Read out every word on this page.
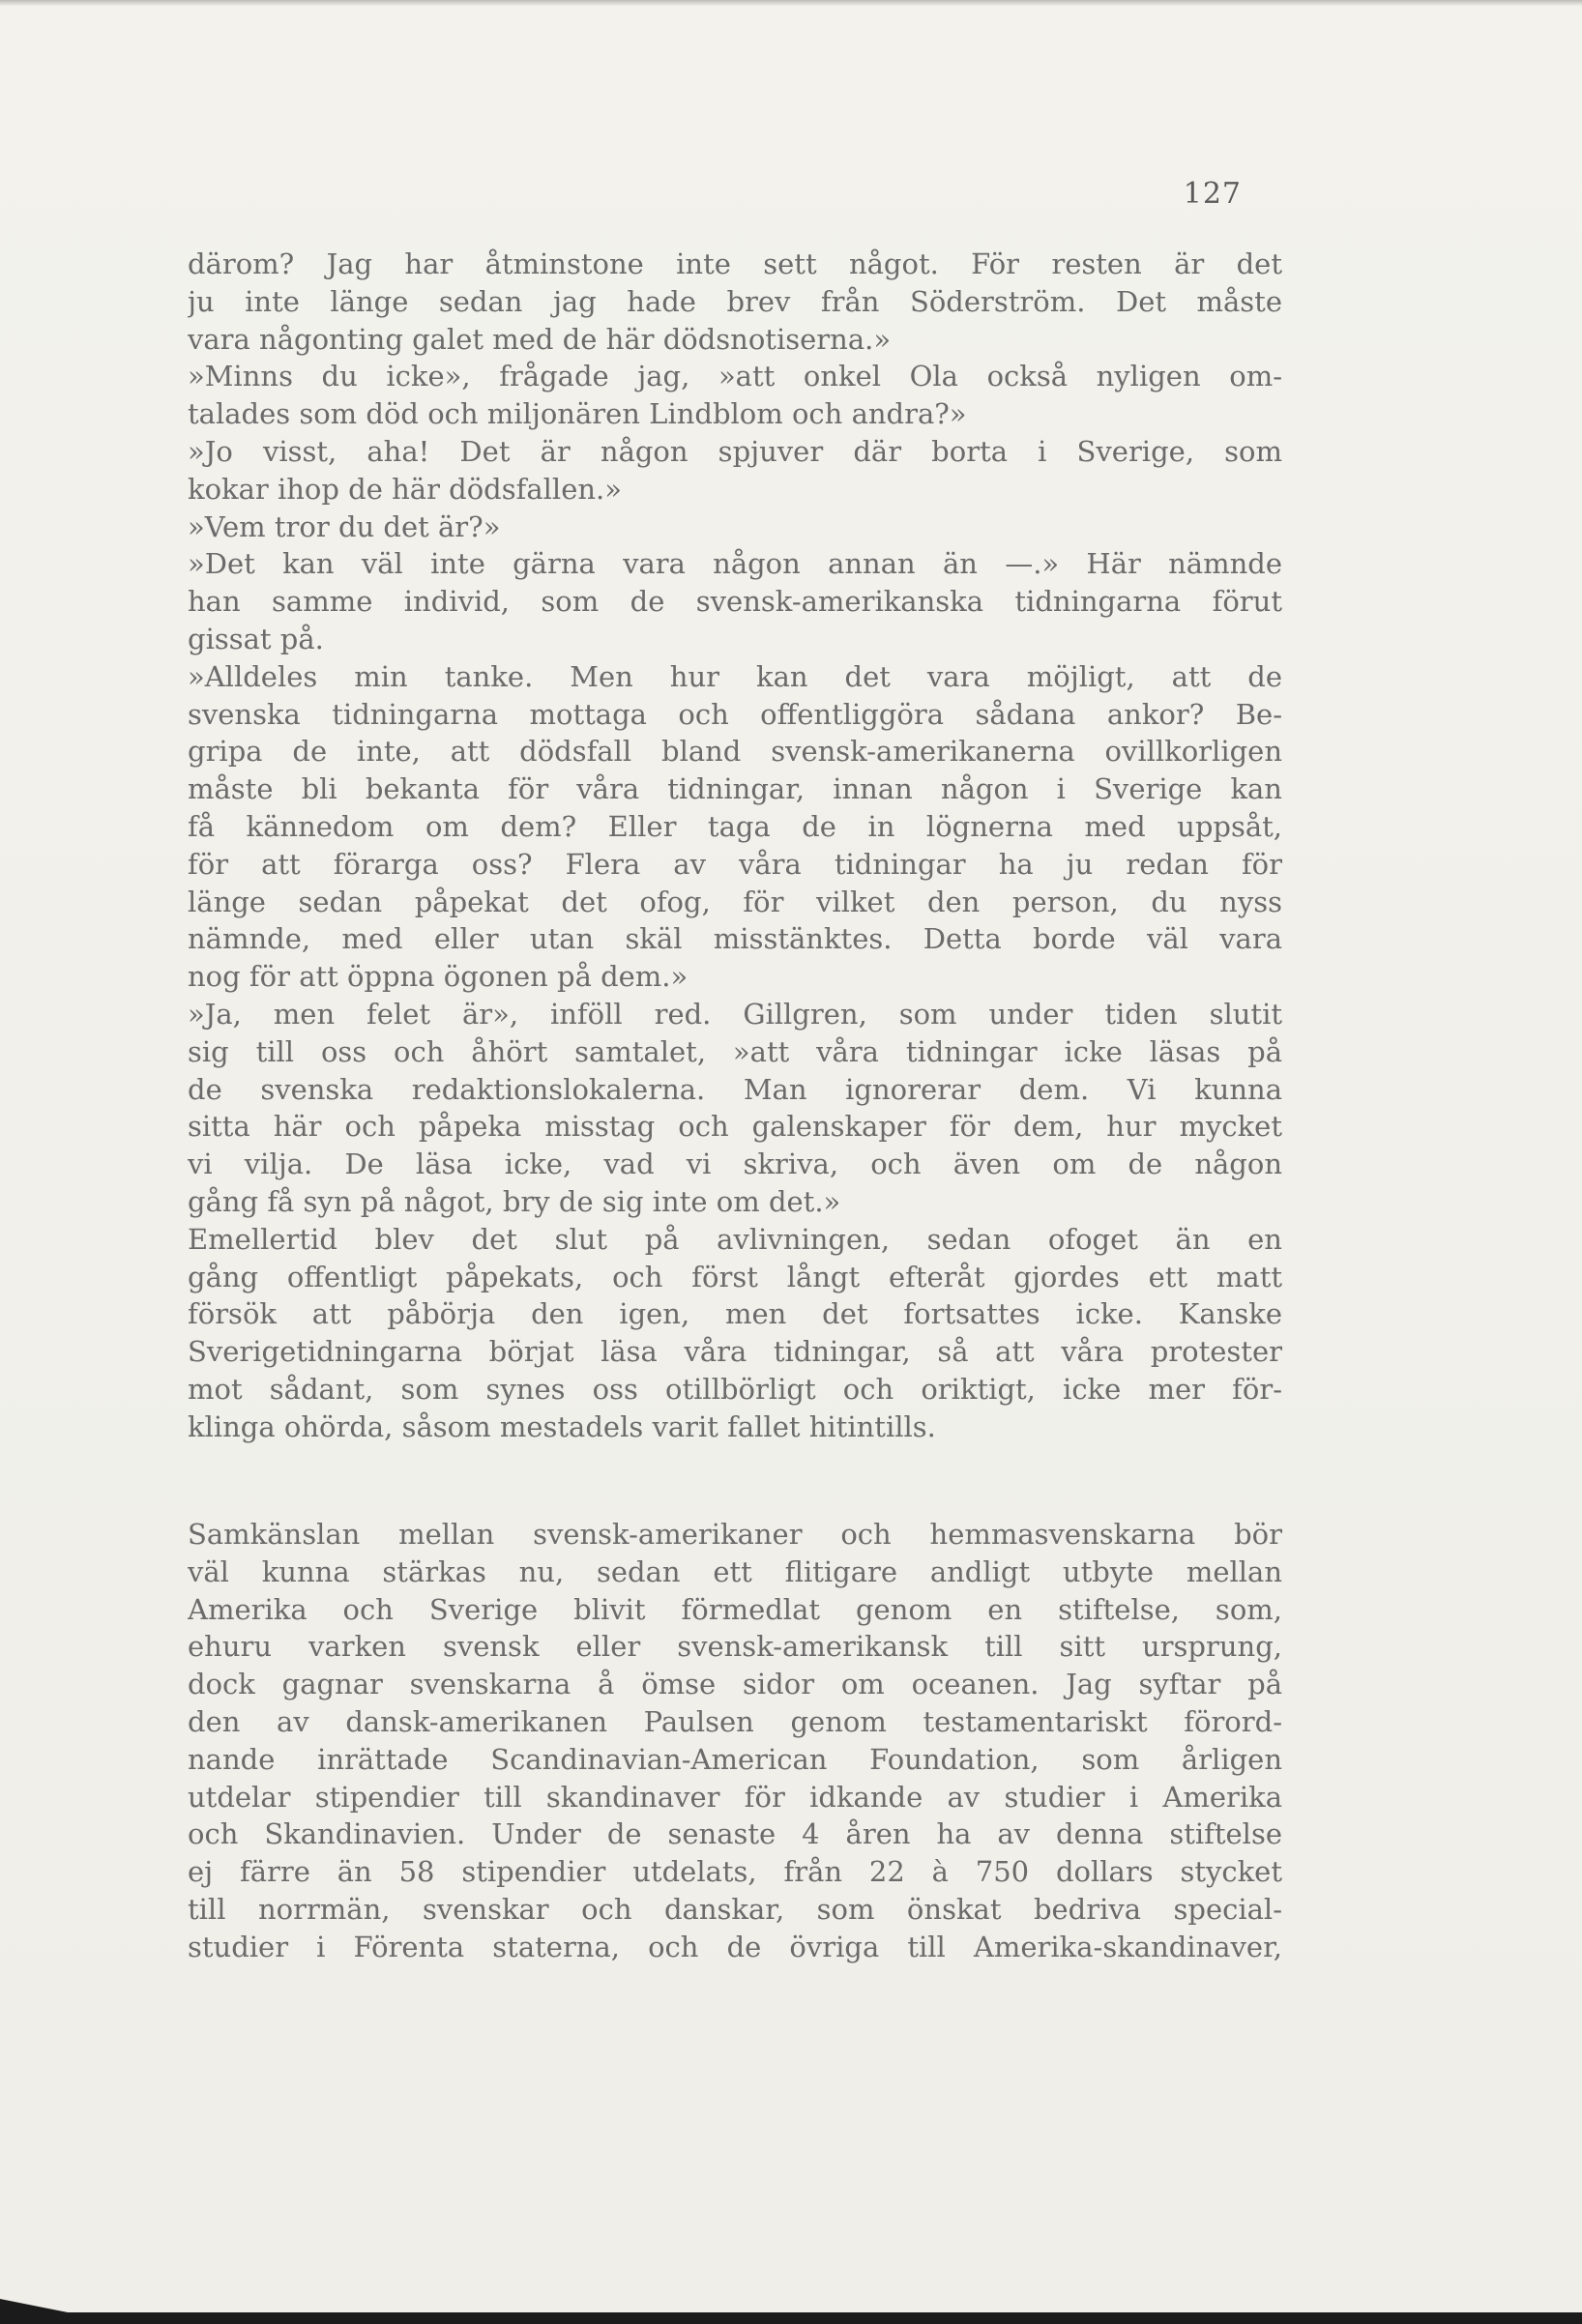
127
därom? Jag har åtminstone inte sett något. För resten är det
ju inte länge sedan jag hade brev från Söderström. Det måste
vara någonting galet med de här dödsnotiserna.»
»Minns du icke», frågade jag, »att onkel Ola också nyligen om-
talades som död och miljonären Lindblom och andra?»
»Jo visst, aha! Det är någon spjuver där borta i Sverige, som
kokar ihop de här dödsfallen.»
»Vem tror du det är?»
»Det kan väl inte gärna vara någon annan än —.» Här nämnde
han samme individ, som de svensk-amerikanska tidningarna förut
gissat på.
»Alldeles min tanke. Men hur kan det vara möjligt, att de
svenska tidningarna mottaga och offentliggöra sådana ankor? Be-
gripa de inte, att dödsfall bland svensk-amerikanerna ovillkorligen
måste bli bekanta för våra tidningar, innan någon i Sverige kan
få kännedom om dem? Eller taga de in lögnerna med uppsåt,
för att förarga oss? Flera av våra tidningar ha ju redan för
länge sedan påpekat det ofog, för vilket den person, du nyss
nämnde, med eller utan skäl misstänktes. Detta borde väl vara
nog för att öppna ögonen på dem.»
»Ja, men felet är», inföll red. Gillgren, som under tiden slutit
sig till oss och åhört samtalet, »att våra tidningar icke läsas på
de svenska redaktionslokalerna. Man ignorerar dem. Vi kunna
sitta här och påpeka misstag och galenskaper för dem, hur mycket
vi vilja. De läsa icke, vad vi skriva, och även om de någon
gång få syn på något, bry de sig inte om det.»
Emellertid blev det slut på avlivningen, sedan ofoget än en
gång offentligt påpekats, och först långt efteråt gjordes ett matt
försök att påbörja den igen, men det fortsattes icke. Kanske
Sverigetidningarna börjat läsa våra tidningar, så att våra protester
mot sådant, som synes oss otillbörligt och oriktigt, icke mer för-
klinga ohörda, såsom mestadels varit fallet hitintills.
Samkänslan mellan svensk-amerikaner och hemmasvenskarna bör
väl kunna stärkas nu, sedan ett flitigare andligt utbyte mellan
Amerika och Sverige blivit förmedlat genom en stiftelse, som,
ehuru varken svensk eller svensk-amerikansk till sitt ursprung,
dock gagnar svenskarna å ömse sidor om oceanen. Jag syftar på
den av dansk-amerikanen Paulsen genom testamentariskt förord-
nande inrättade Scandinavian-American Foundation, som årligen
utdelar stipendier till skandinaver för idkande av studier i Amerika
och Skandinavien. Under de senaste 4 åren ha av denna stiftelse
ej färre än 58 stipendier utdelats, från 22 à 750 dollars stycket
till norrmän, svenskar och danskar, som önskat bedriva special-
studier i Förenta staterna, och de övriga till Amerika-skandinaver,
